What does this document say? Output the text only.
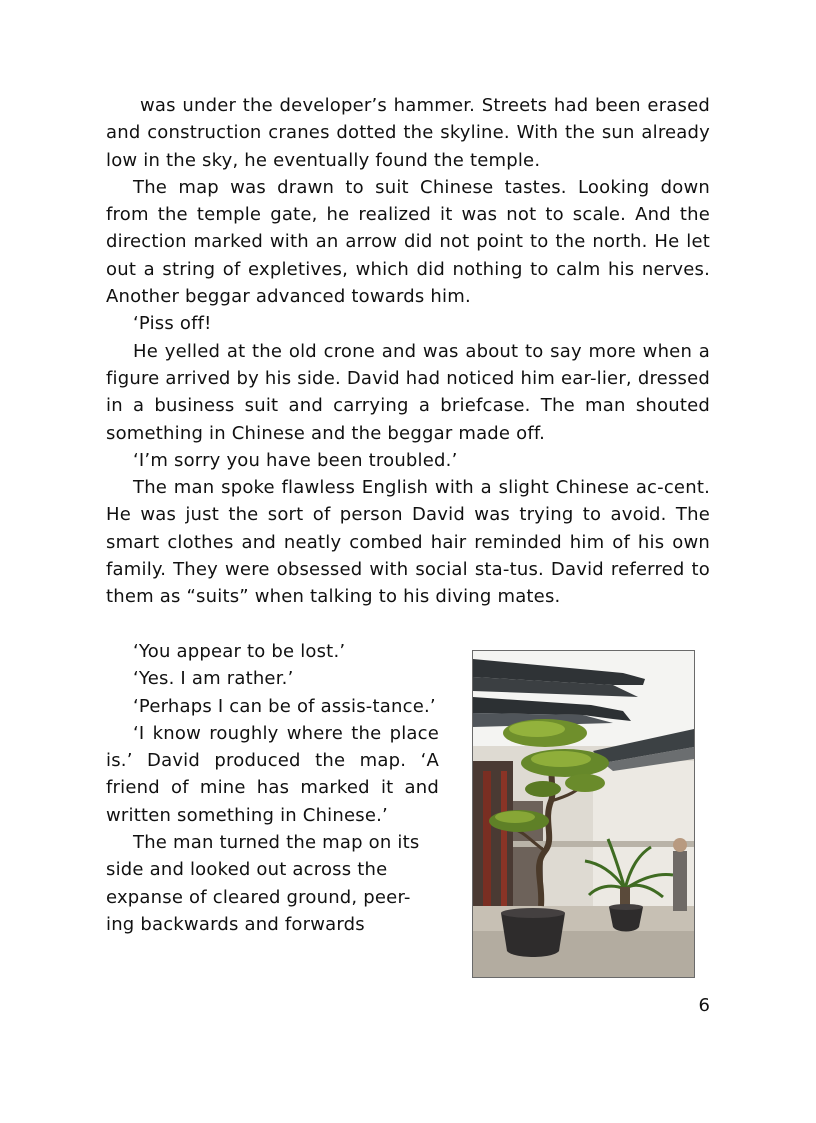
was under the developer’s hammer. Streets had been erased and construction cranes dotted the skyline. With the sun already low in the sky, he eventually found the temple.

The map was drawn to suit Chinese tastes. Looking down from the temple gate, he realized it was not to scale. And the direction marked with an arrow did not point to the north. He let out a string of expletives, which did nothing to calm his nerves. Another beggar advanced towards him.

‘Piss off!

He yelled at the old crone and was about to say more when a figure arrived by his side. David had noticed him ear-lier, dressed in a business suit and carrying a briefcase. The man shouted something in Chinese and the beggar made off.

‘I’m sorry you have been troubled.’

The man spoke flawless English with a slight Chinese ac-cent. He was just the sort of person David was trying to avoid. The smart clothes and neatly combed hair reminded him of his own family. They were obsessed with social sta-tus. David referred to them as “suits” when talking to his diving mates.

‘You appear to be lost.’

‘Yes. I am rather.’

‘Perhaps I can be of assis-tance.’

‘I know roughly where the place is.’ David produced the map. ‘A friend of mine has marked it and written something in Chinese.’

The man turned the map on its side and looked out across the expanse of cleared ground, peer-ing backwards and forwards

6
